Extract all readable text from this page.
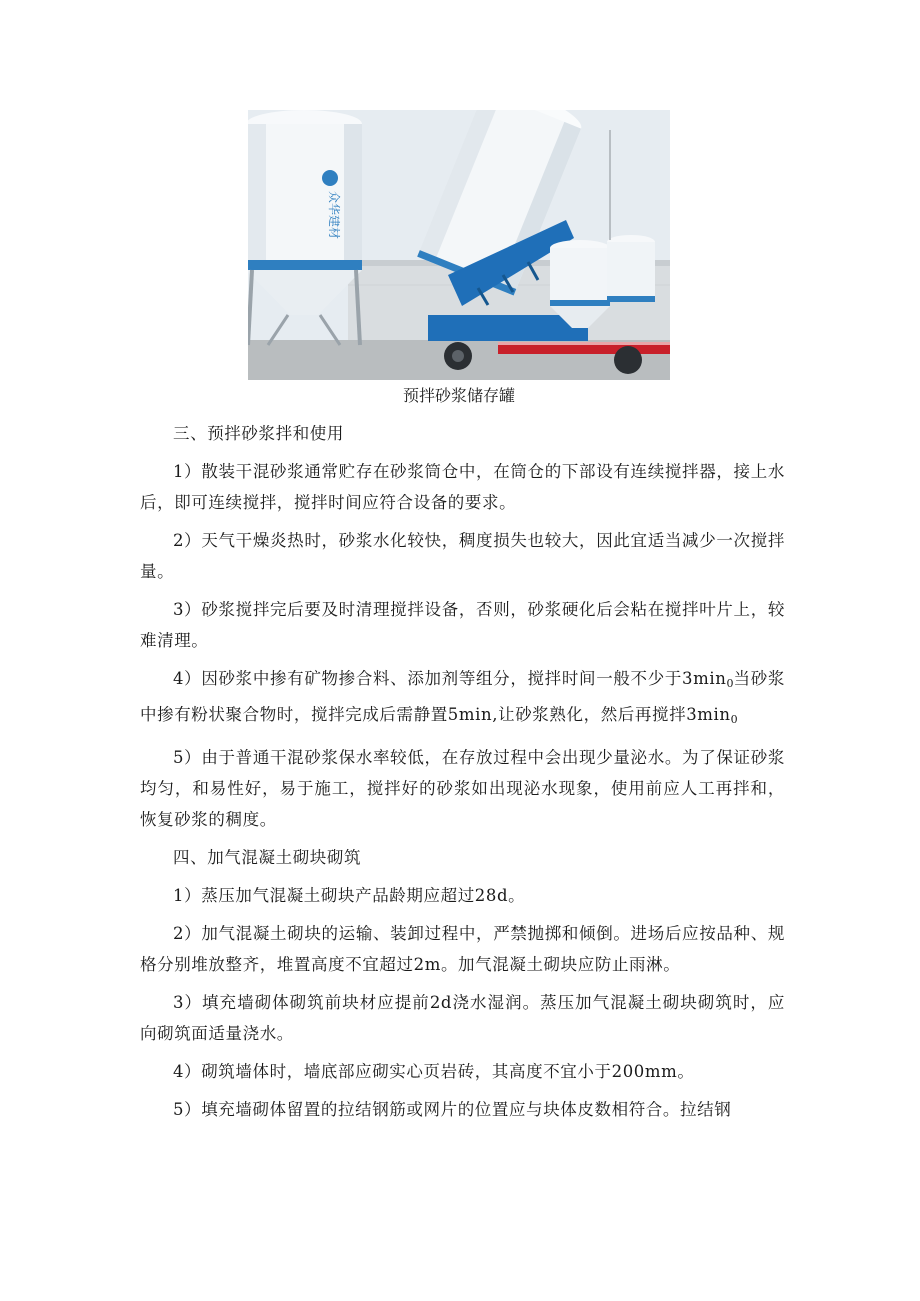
众华建材
预拌砂浆储存罐

三、预拌砂浆拌和使用

1）散装干混砂浆通常贮存在砂浆筒仓中，在筒仓的下部设有连续搅拌器，接上水后，即可连续搅拌，搅拌时间应符合设备的要求。

2）天气干燥炎热时，砂浆水化较快，稠度损失也较大，因此宜适当减少一次搅拌量。

3）砂浆搅拌完后要及时清理搅拌设备，否则，砂浆硬化后会粘在搅拌叶片上，较难清理。

4）因砂浆中掺有矿物掺合料、添加剂等组分，搅拌时间一般不少于$3\min_0$当砂浆中掺有粉状聚合物时，搅拌完成后需静置5min,让砂浆熟化，然后再搅拌$3\min_0$

5）由于普通干混砂浆保水率较低，在存放过程中会出现少量泌水。为了保证砂浆均匀，和易性好，易于施工，搅拌好的砂浆如出现泌水现象，使用前应人工再拌和，恢复砂浆的稠度。

四、加气混凝土砌块砌筑

1）蒸压加气混凝土砌块产品龄期应超过28d。

2）加气混凝土砌块的运输、装卸过程中，严禁抛掷和倾倒。进场后应按品种、规格分别堆放整齐，堆置高度不宜超过2m。加气混凝土砌块应防止雨淋。

3）填充墙砌体砌筑前块材应提前2d浇水湿润。蒸压加气混凝土砌块砌筑时，应向砌筑面适量浇水。

4）砌筑墙体时，墙底部应砌实心页岩砖，其高度不宜小于200mm。

5）填充墙砌体留置的拉结钢筋或网片的位置应与块体皮数相符合。拉结钢
